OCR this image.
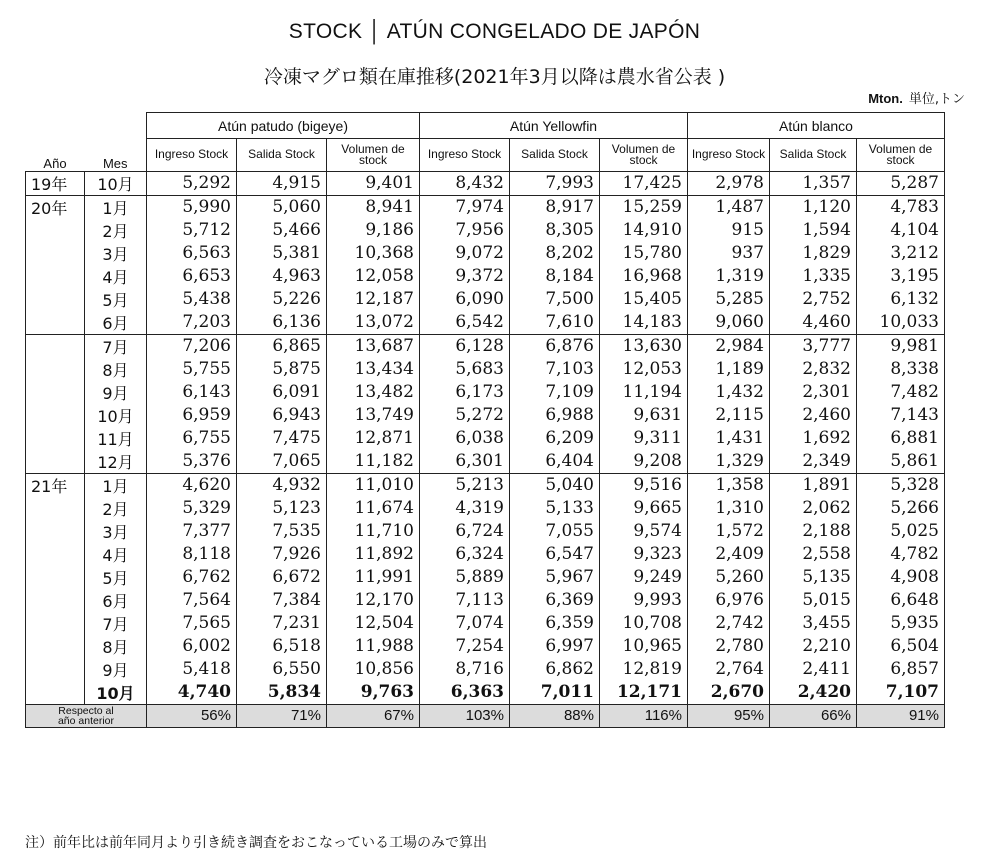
STOCK │ ATÚN CONGELADO DE JAPÓN
冷凍マグロ類在庫推移(2021年3月以降は農水省公表 )
Mton. 単位,トン
		Atún patudo (bigeye)			Atún Yellowfin			Atún blanco		
Año	Mes	Ingreso Stock	Salida Stock	Volumen de
stock	Ingreso Stock	Salida Stock	Volumen de
stock	Ingreso Stock	Salida Stock	Volumen de
stock
19年	10月	5,292	4,915	9,401	8,432	7,993	17,425	2,978	1,357	5,287
20年	1月	5,990	5,060	8,941	7,974	8,917	15,259	1,487	1,120	4,783
	2月	5,712	5,466	9,186	7,956	8,305	14,910	915	1,594	4,104
	3月	6,563	5,381	10,368	9,072	8,202	15,780	937	1,829	3,212
	4月	6,653	4,963	12,058	9,372	8,184	16,968	1,319	1,335	3,195
	5月	5,438	5,226	12,187	6,090	7,500	15,405	5,285	2,752	6,132
	6月	7,203	6,136	13,072	6,542	7,610	14,183	9,060	4,460	10,033
	7月	7,206	6,865	13,687	6,128	6,876	13,630	2,984	3,777	9,981
	8月	5,755	5,875	13,434	5,683	7,103	12,053	1,189	2,832	8,338
	9月	6,143	6,091	13,482	6,173	7,109	11,194	1,432	2,301	7,482
	10月	6,959	6,943	13,749	5,272	6,988	9,631	2,115	2,460	7,143
	11月	6,755	7,475	12,871	6,038	6,209	9,311	1,431	1,692	6,881
	12月	5,376	7,065	11,182	6,301	6,404	9,208	1,329	2,349	5,861
21年	1月	4,620	4,932	11,010	5,213	5,040	9,516	1,358	1,891	5,328
	2月	5,329	5,123	11,674	4,319	5,133	9,665	1,310	2,062	5,266
	3月	7,377	7,535	11,710	6,724	7,055	9,574	1,572	2,188	5,025
	4月	8,118	7,926	11,892	6,324	6,547	9,323	2,409	2,558	4,782
	5月	6,762	6,672	11,991	5,889	5,967	9,249	5,260	5,135	4,908
	6月	7,564	7,384	12,170	7,113	6,369	9,993	6,976	5,015	6,648
	7月	7,565	7,231	12,504	7,074	6,359	10,708	2,742	3,455	5,935
	8月	6,002	6,518	11,988	7,254	6,997	10,965	2,780	2,210	6,504
	9月	5,418	6,550	10,856	8,716	6,862	12,819	2,764	2,411	6,857
	10月	4,740	5,834	9,763	6,363	7,011	12,171	2,670	2,420	7,107
Respecto al
año anterior		56%	71%	67%	103%	88%	116%	95%	66%	91%
注）前年比は前年同月より引き続き調査をおこなっている工場のみで算出
